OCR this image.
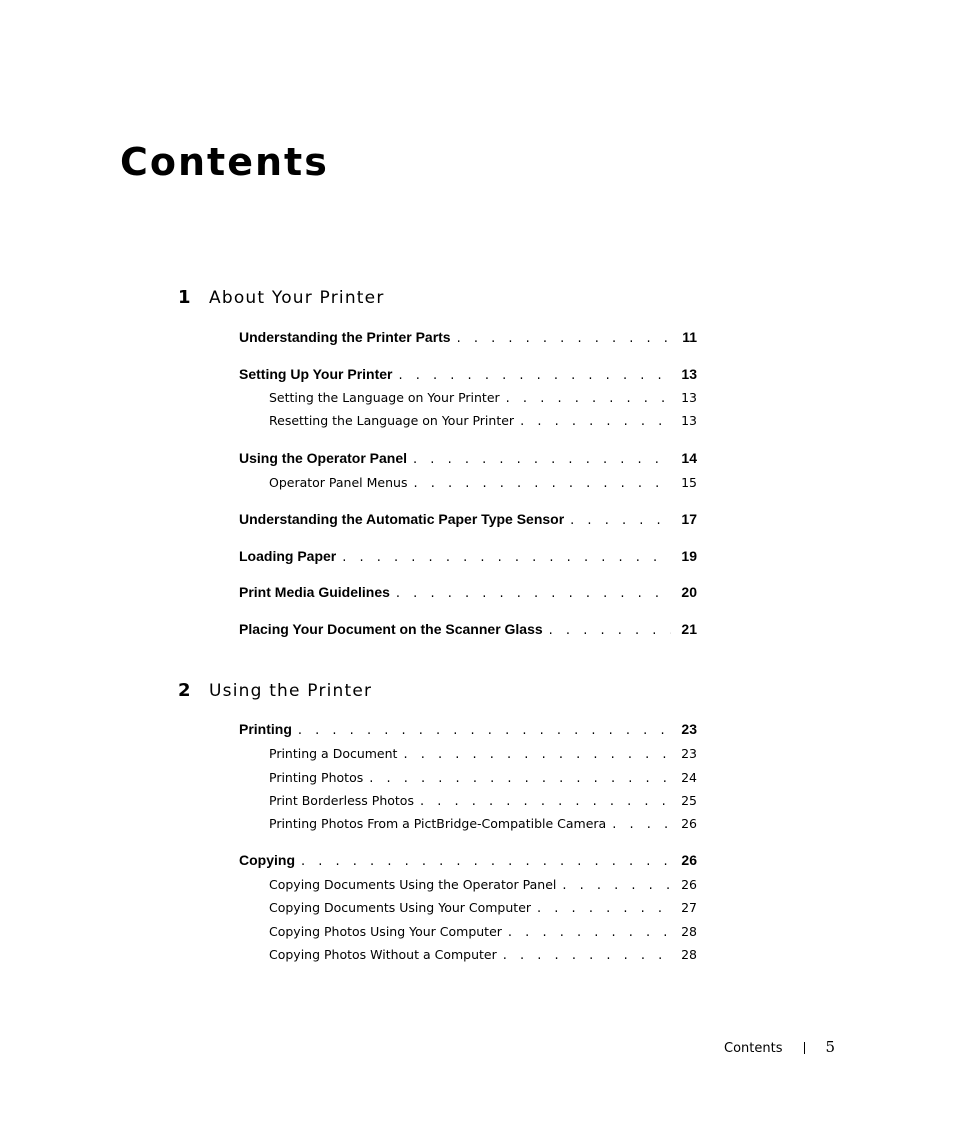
Contents
1	About Your Printer
Understanding the Printer Parts . . .	11
Setting Up Your Printer . . .	13
Setting the Language on Your Printer . . .	13
Resetting the Language on Your Printer . . .	13
Using the Operator Panel . . .	14
Operator Panel Menus . . .	15
Understanding the Automatic Paper Type Sensor . . .	17
Loading Paper . . .	19
Print Media Guidelines . . .	20
Placing Your Document on the Scanner Glass . . .	21
2	Using the Printer
Printing . . .	23
Printing a Document . . .	23
Printing Photos . . .	24
Print Borderless Photos . . .	25
Printing Photos From a PictBridge-Compatible Camera . . .	26
Copying . . .	26
Copying Documents Using the Operator Panel . . .	26
Copying Documents Using Your Computer . . .	27
Copying Photos Using Your Computer . . .	28
Copying Photos Without a Computer . . .	28
Contents	5
